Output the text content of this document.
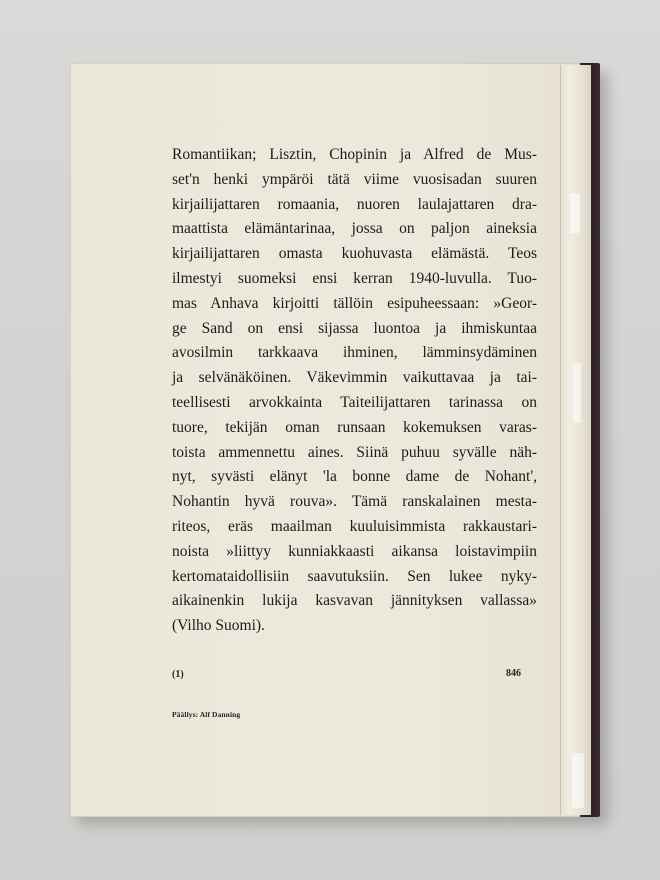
Romantiikan; Lisztin, Chopinin ja Alfred de Mus-
set'n henki ympäröi tätä viime vuosisadan suuren
kirjailijattaren romaania, nuoren laulajattaren dra-
maattista elämäntarinaa, jossa on paljon aineksia
kirjailijattaren omasta kuohuvasta elämästä. Teos
ilmestyi suomeksi ensi kerran 1940-luvulla. Tuo-
mas Anhava kirjoitti tällöin esipuheessaan: »Geor-
ge Sand on ensi sijassa luontoa ja ihmiskuntaa
avosilmin tarkkaava ihminen, lämminsydäminen
ja selvänäköinen. Väkevimmin vaikuttavaa ja tai-
teellisesti arvokkainta Taiteilijattaren tarinassa on
tuore, tekijän oman runsaan kokemuksen varas-
toista ammennettu aines. Siinä puhuu syvälle näh-
nyt, syvästi elänyt 'la bonne dame de Nohant',
Nohantin hyvä rouva». Tämä ranskalainen mesta-
riteos, eräs maailman kuuluisimmista rakkaustari-
noista »liittyy kunniakkaasti aikansa loistavimpiin
kertomataidollisiin saavutuksiin. Sen lukee nyky-
aikainenkin lukija kasvavan jännityksen vallassa»
(Vilho Suomi).
(1)	846
Päällys: Alf Danning
